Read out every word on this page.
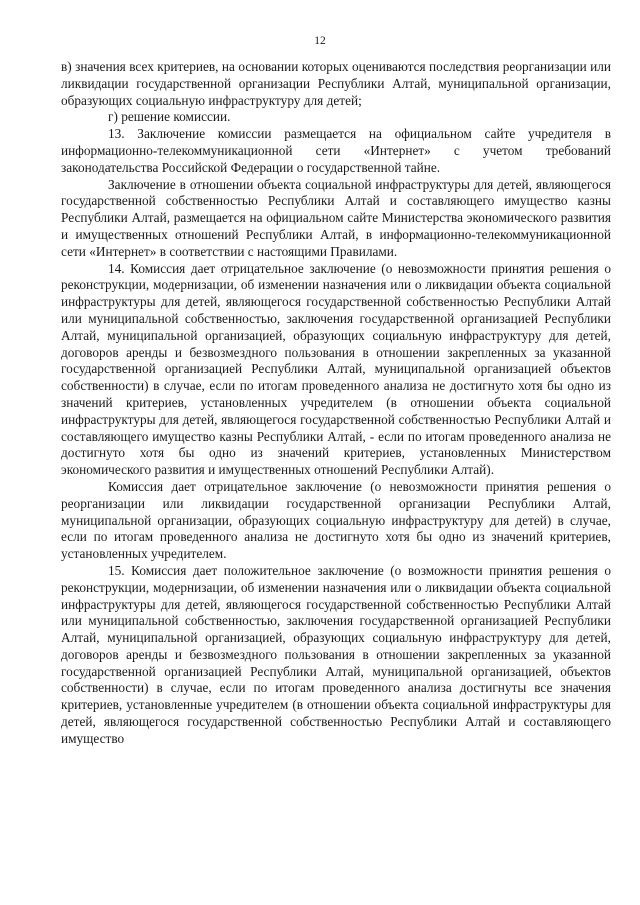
12

в) значения всех критериев, на основании которых оцениваются последствия реорганизации или ликвидации государственной организации Республики Алтай, муниципальной организации, образующих социальную инфраструктуру для детей;

г) решение комиссии.

13. Заключение комиссии размещается на официальном сайте учредителя в информационно-телекоммуникационной сети «Интернет» с учетом требований законодательства Российской Федерации о государственной тайне.

Заключение в отношении объекта социальной инфраструктуры для детей, являющегося государственной собственностью Республики Алтай и составляющего имущество казны Республики Алтай, размещается на официальном сайте Министерства экономического развития и имущественных отношений Республики Алтай, в информационно-телекоммуникационной сети «Интернет» в соответствии с настоящими Правилами.

14. Комиссия дает отрицательное заключение (о невозможности принятия решения о реконструкции, модернизации, об изменении назначения или о ликвидации объекта социальной инфраструктуры для детей, являющегося государственной собственностью Республики Алтай или муниципальной собственностью, заключения государственной организацией Республики Алтай, муниципальной организацией, образующих социальную инфраструктуру для детей, договоров аренды и безвозмездного пользования в отношении закрепленных за указанной государственной организацией Республики Алтай, муниципальной организацией объектов собственности) в случае, если по итогам проведенного анализа не достигнуто хотя бы одно из значений критериев, установленных учредителем (в отношении объекта социальной инфраструктуры для детей, являющегося государственной собственностью Республики Алтай и составляющего имущество казны Республики Алтай, - если по итогам проведенного анализа не достигнуто хотя бы одно из значений критериев, установленных Министерством экономического развития и имущественных отношений Республики Алтай).

Комиссия дает отрицательное заключение (о невозможности принятия решения о реорганизации или ликвидации государственной организации Республики Алтай, муниципальной организации, образующих социальную инфраструктуру для детей) в случае, если по итогам проведенного анализа не достигнуто хотя бы одно из значений критериев, установленных учредителем.

15. Комиссия дает положительное заключение (о возможности принятия решения о реконструкции, модернизации, об изменении назначения или о ликвидации объекта социальной инфраструктуры для детей, являющегося государственной собственностью Республики Алтай или муниципальной собственностью, заключения государственной организацией Республики Алтай, муниципальной организацией, образующих социальную инфраструктуру для детей, договоров аренды и безвозмездного пользования в отношении закрепленных за указанной государственной организацией Республики Алтай, муниципальной организацией, объектов собственности) в случае, если по итогам проведенного анализа достигнуты все значения критериев, установленные учредителем (в отношении объекта социальной инфраструктуры для детей, являющегося государственной собственностью Республики Алтай и составляющего имущество
